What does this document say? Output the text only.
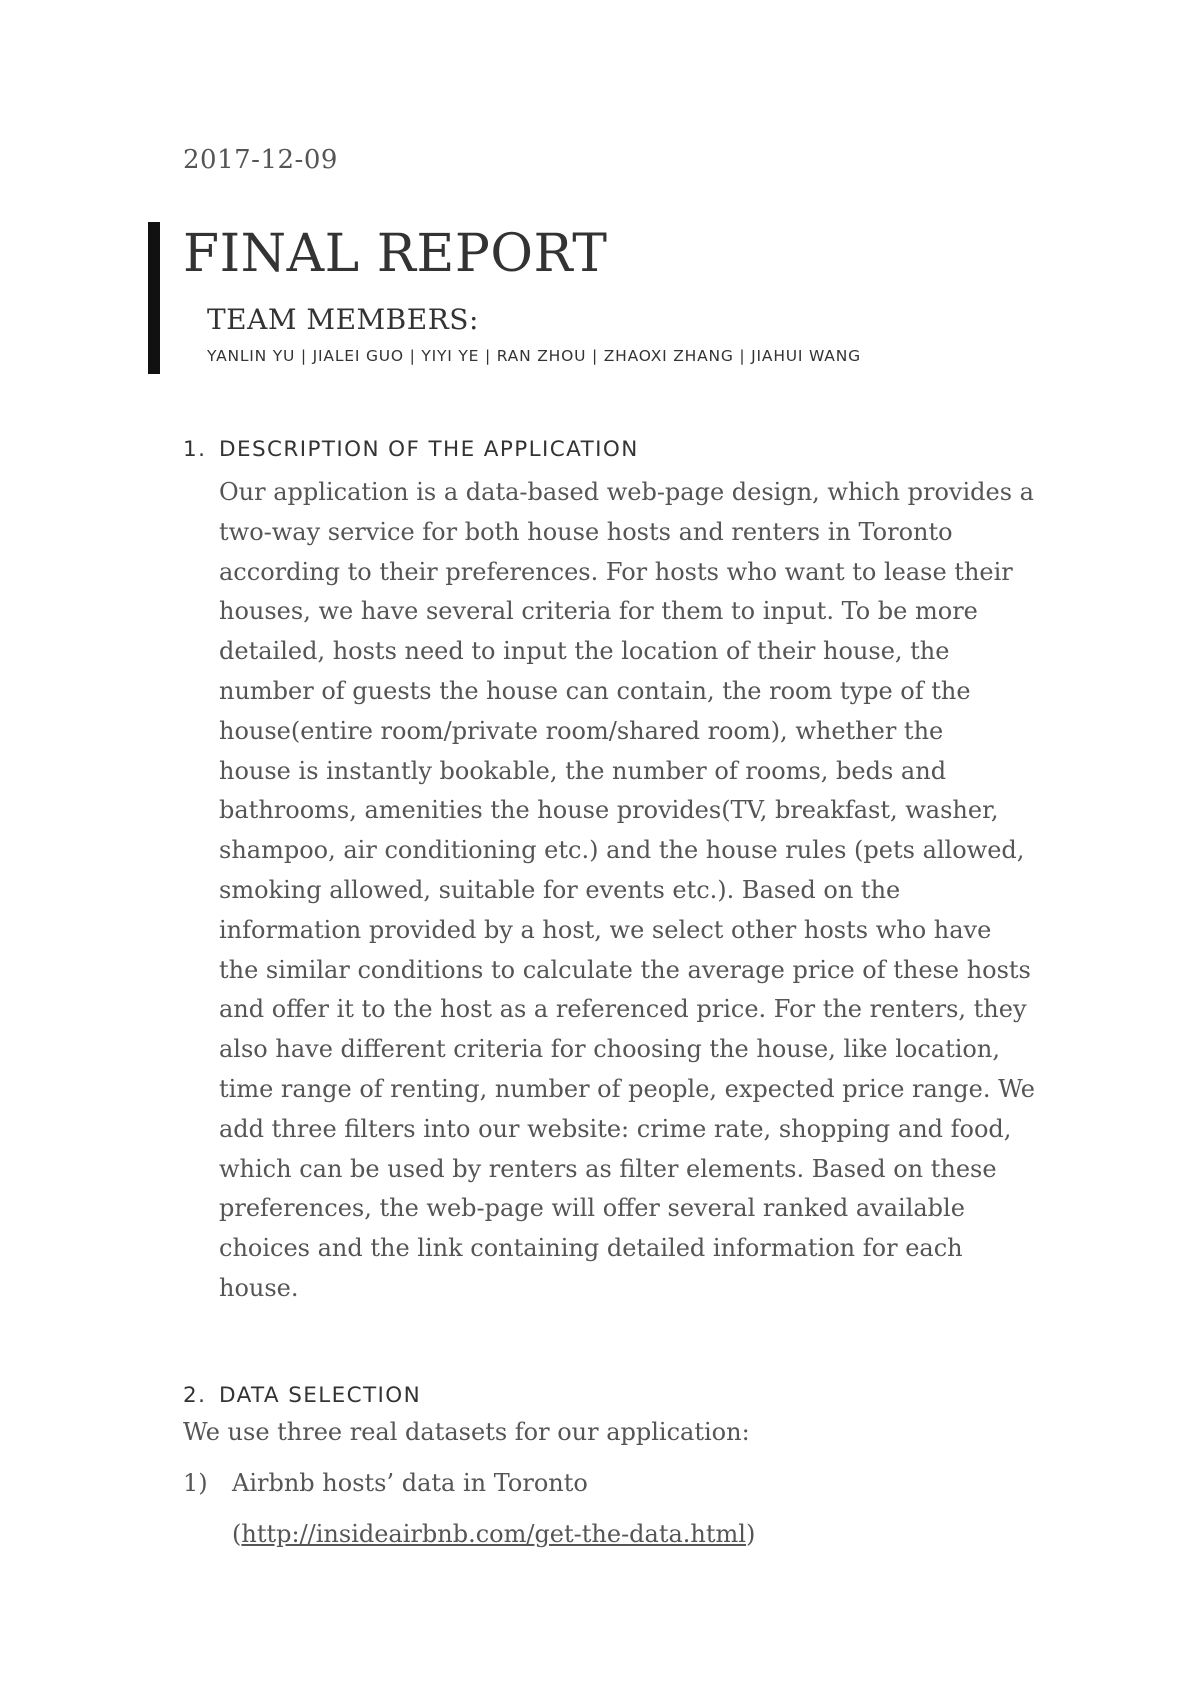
2017-12-09
FINAL REPORT
TEAM MEMBERS:
YANLIN YU | JIALEI GUO | YIYI YE | RAN ZHOU | ZHAOXI ZHANG | JIAHUI WANG
1. DESCRIPTION OF THE APPLICATION

Our application is a data-based web-page design, which provides a
two-way service for both house hosts and renters in Toronto
according to their preferences. For hosts who want to lease their
houses, we have several criteria for them to input. To be more
detailed, hosts need to input the location of their house, the
number of guests the house can contain, the room type of the
house(entire room/private room/shared room), whether the
house is instantly bookable, the number of rooms, beds and
bathrooms, amenities the house provides(TV, breakfast, washer,
shampoo, air conditioning etc.) and the house rules (pets allowed,
smoking allowed, suitable for events etc.). Based on the
information provided by a host, we select other hosts who have
the similar conditions to calculate the average price of these hosts
and offer it to the host as a referenced price. For the renters, they
also have different criteria for choosing the house, like location,
time range of renting, number of people, expected price range. We
add three filters into our website: crime rate, shopping and food,
which can be used by renters as filter elements. Based on these
preferences, the web-page will offer several ranked available
choices and the link containing detailed information for each
house.

2. DATA SELECTION
We use three real datasets for our application:
1) Airbnb hosts’ data in Toronto
(http://insideairbnb.com/get-the-data.html)
